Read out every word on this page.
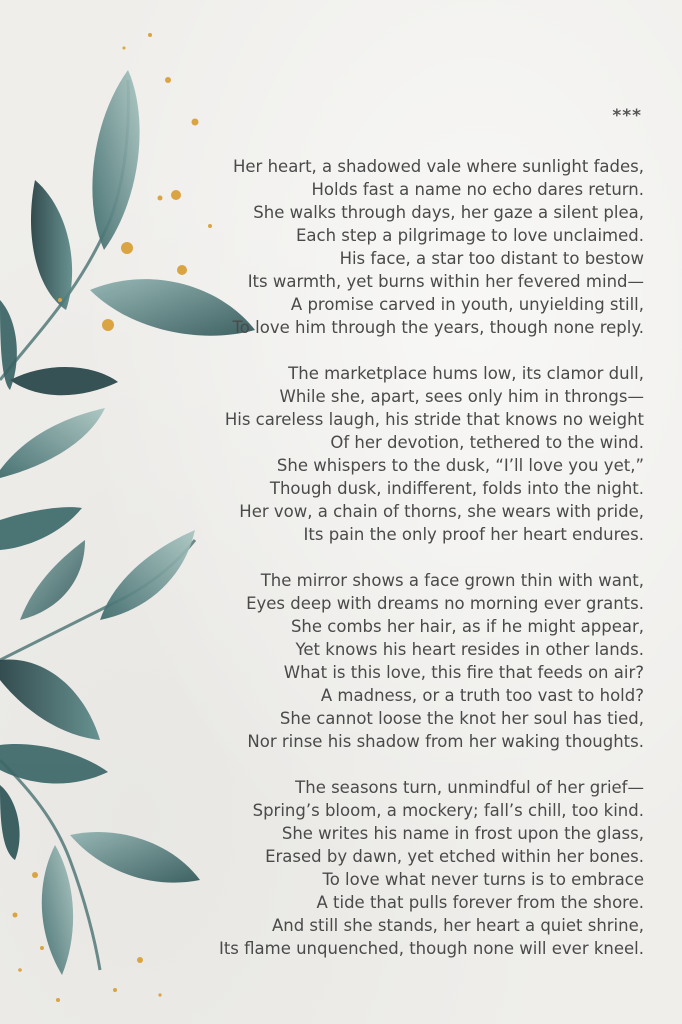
***
Her heart, a shadowed vale where sunlight fades,
Holds fast a name no echo dares return.
She walks through days, her gaze a silent plea,
Each step a pilgrimage to love unclaimed.
His face, a star too distant to bestow
Its warmth, yet burns within her fevered mind—
A promise carved in youth, unyielding still,
To love him through the years, though none reply.
The marketplace hums low, its clamor dull,
While she, apart, sees only him in throngs—
His careless laugh, his stride that knows no weight
Of her devotion, tethered to the wind.
She whispers to the dusk, “I’ll love you yet,”
Though dusk, indifferent, folds into the night.
Her vow, a chain of thorns, she wears with pride,
Its pain the only proof her heart endures.
The mirror shows a face grown thin with want,
Eyes deep with dreams no morning ever grants.
She combs her hair, as if he might appear,
Yet knows his heart resides in other lands.
What is this love, this fire that feeds on air?
A madness, or a truth too vast to hold?
She cannot loose the knot her soul has tied,
Nor rinse his shadow from her waking thoughts.
The seasons turn, unmindful of her grief—
Spring’s bloom, a mockery; fall’s chill, too kind.
She writes his name in frost upon the glass,
Erased by dawn, yet etched within her bones.
To love what never turns is to embrace
A tide that pulls forever from the shore.
And still she stands, her heart a quiet shrine,
Its flame unquenched, though none will ever kneel.
